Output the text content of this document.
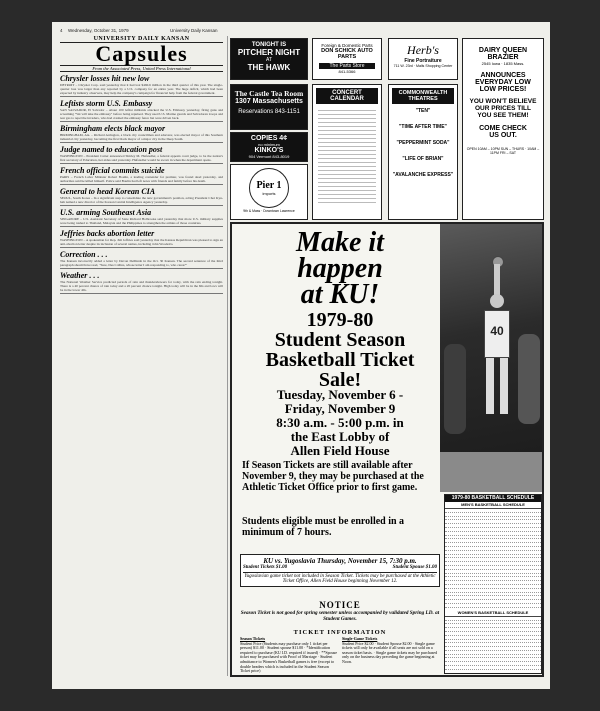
4 Wednesday, October 31, 1979	University Daily Kansan
UNIVERSITY DAILY KANSAN
Capsules
From the Associated Press, United Press International
Chrysler losses hit new low

DETROIT – Chrysler Corp. said yesterday that it had lost $460.6 million in the third quarter of this year. The single-quarter loss was larger than any reported by a U.S. company for an entire year. The huge deficit, which had been expected by industry observers, may help the company's campaign for financial help from the federal government.

Leftists storm U.S. Embassy

SAN SALVADOR, El Salvador – About 100 leftist militants attacked the U.S. Embassy yesterday, firing guns and screaming "We will take the embassy" before being repulsed. They used U.S. Marine guards and Salvadoran troops and tear gas to repel the invaders, who had crashed the embassy fence but were driven back.

Birmingham elects black mayor

BIRMINGHAM, Ala. – Richard Arrington, a black city councilman and educator, was elected mayor of this Southern industrial city yesterday, becoming the first black mayor of a major city in the Deep South.

Judge named to education post

WASHINGTON – President Carter announced Shirley M. Hufstedler, a federal appeals court judge, to be the nation's first secretary of Education, her aides said yesterday. Hufstedler would be sworn in when the department opens.

French official commits suicide

PARIS – French Labor Minister Robert Boulin, a leading contender for premier, was found dead yesterday, and authorities said he killed himself. Police said Boulin had left notes with friends and family before his death.

General to head Korean CIA

SEOUL, South Korea – In a significant step to consolidate the new government's position, acting President Choi Kyu-hah named a new director of the Korean Central Intelligence Agency yesterday.

U.S. arming Southeast Asia

SINGAPORE – U.S. Assistant Secretary of State Richard Holbrooke said yesterday that more U.S. military supplies were being rushed to Thailand, Malaysia and the Philippines to strengthen the armies of those countries.

Jeffries backs abortion letter

WASHINGTON – A spokesman for Rep. Jim Jeffries said yesterday that the Kansas Republican was pleased to sign an anti-abortion letter despite its inclusion of several names, including John Wooden's.

Correction . . .

The Kansan incorrectly added a letter by Devon DeMarsh in the Oct. 30 Kansan. The second sentence of the third paragraph should have read, "Sure, Des Collins, whose letter I am responding to, who cares?"

Weather . . .

The National Weather Service predicted periods of rain and thundershowers for today, with the rain ending tonight. There is a 40 percent chance of rain today and a 20 percent chance tonight. High today will be in the 60s and lows will be in the lower 40s.

TONIGHT IS
PITCHER NIGHT
AT
THE HAWK
Foreign & Domestic Parts
DON SCHICK AUTO PARTS
The Parts Store
841-5366
Herb's
Fine Portraiture
711 W. 23rd · Malls Shopping Center
DAIRY QUEEN
BRAZIER
2545 Iowa · 1835 Mass.
ANNOUNCES
EVERYDAY LOW
LOW PRICES!
YOU WON'T BELIEVE
OUR PRICES TILL
YOU SEE THEM!
COME CHECK
US OUT.
OPEN 10AM – 10PM SUN – THURS · 10AM – 11PM FRI – SAT
The Castle Tea Room
1307 Massachusetts
Reservations 843-1151
COPIES 4¢
no minimum
KINKO'S
904 Vermont 843-8019
Pier 1
imports
9th & Mass · Downtown Lawrence
CONCERT
CALENDAR
COMMONWEALTH
THEATRES
"TEN"
"TIME AFTER TIME"
"PEPPERMINT SODA"
"LIFE OF BRIAN"
"AVALANCHE EXPRESS"
Make it
happen
at KU!
40
1979-80
Student Season
Basketball Ticket
Sale!
Tuesday, November 6 -
Friday, November 9
8:30 a.m. - 5:00 p.m. in
the East Lobby of
Allen Field House
If Season Tickets are still available after November 9, they may be purchased at the Athletic Ticket Office prior to first game.
Students eligible must be enrolled in a minimum of 7 hours.
1979-80 BASKETBALL SCHEDULE
MEN'S BASKETBALL SCHEDULE
WOMEN'S BASKETBALL SCHEDULE
KU vs. Yugoslavia Thursday, November 15, 7:30 p.m.
Student Tickets $1.00	Student Spouse $1.00
Yugoslavian game ticket not included in Season Ticket. Tickets may be purchased at the Athletic Ticket Office, Allen Field House beginning November 12.
NOTICE
Season Ticket is not good for spring semester unless accompanied by validated Spring I.D. at Student Games.
TICKET INFORMATION
Season Tickets
Student Price (Students may purchase only 1 ticket per person) $11.00 · Student spouse $11.00 · *Identification required to purchase (KU I.D. required if issued) · **Spouse ticket may be purchased with Proof of Marriage · Student admittance to Women's Basketball games is free (except to double headers which is included in the Student Season Ticket price)
Single-Game Tickets
Student Price $2.00 · Student Spouse $2.00 · Single game tickets will only be available if all seats are not sold on a season ticket basis. · Single game tickets may be purchased only on the business day preceding the game beginning at Noon.
